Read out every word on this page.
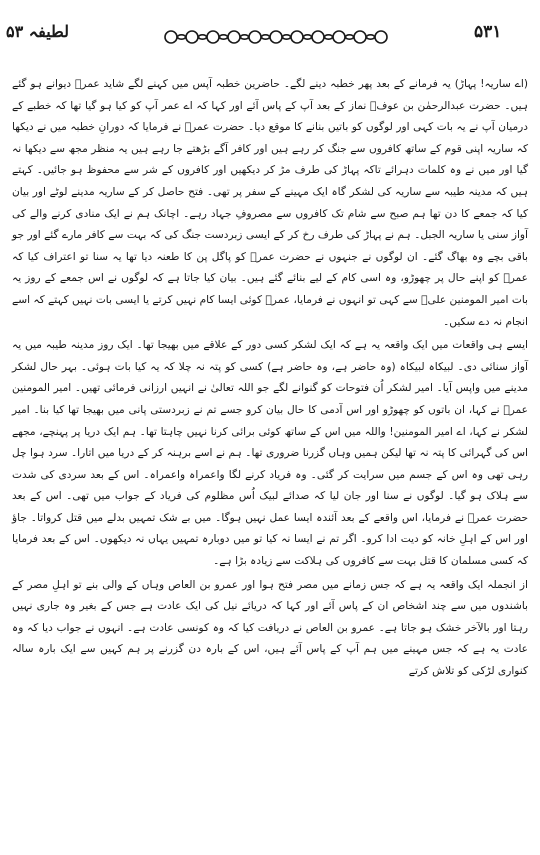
۵۳۱
لطیفہ ۵۳

(اے ساریہ! پہاڑ) یہ فرمانے کے بعد پھر خطبہ دینے لگے۔ حاضرین خطبہ آپس میں کہنے لگے شاید عمرؓ دیوانے ہو گئے ہیں۔ حضرت عبدالرحمٰن بن عوفؓ نماز کے بعد آپ کے پاس آئے اور کہا کہ اے عمر آپ کو کیا ہو گیا تھا کہ خطبے کے درمیان آپ نے یہ بات کہی اور لوگوں کو باتیں بنانے کا موقع دیا۔ حضرت عمرؓ نے فرمایا کہ دورانِ خطبہ میں نے دیکھا کہ ساریہ اپنی قوم کے ساتھ کافروں سے جنگ کر رہے ہیں اور کافر آگے بڑھتے جا رہے ہیں یہ منظر مجھ سے دیکھا نہ گیا اور میں نے وہ کلمات دہرائے تاکہ پہاڑ کی طرف مڑ کر دیکھیں اور کافروں کے شر سے محفوظ ہو جائیں۔ کہتے ہیں کہ مدینہ طیبہ سے ساریہ کی لشکر گاہ ایک مہینے کے سفر پر تھی۔ فتح حاصل کر کے ساریہ مدینے لوٹے اور بیان کیا کہ جمعے کا دن تھا ہم صبح سے شام تک کافروں سے مصروفِ جہاد رہے۔ اچانک ہم نے ایک منادی کرنے والے کی آواز سنی یا ساریہ الجبل۔ ہم نے پہاڑ کی طرف رخ کر کے ایسی زبردست جنگ کی کہ بہت سے کافر مارے گئے اور جو باقی بچے وہ بھاگ گئے۔ ان لوگوں نے جنہوں نے حضرت عمرؓ کو پاگل پن کا طعنہ دیا تھا یہ سنا تو اعتراف کیا کہ عمرؓ کو اپنے حال پر چھوڑو، وہ اسی کام کے لیے بنائے گئے ہیں۔ بیان کیا جاتا ہے کہ لوگوں نے اس جمعے کے روز یہ بات امیر المومنین علیؓ سے کہی تو انہوں نے فرمایا، عمرؓ کوئی ایسا کام نہیں کرتے یا ایسی بات نہیں کہتے کہ اسے انجام نہ دے سکیں۔

ایسے ہی واقعات میں ایک واقعہ یہ ہے کہ ایک لشکر کسی دور کے علاقے میں بھیجا تھا۔ ایک روز مدینہ طیبہ میں یہ آواز سنائی دی۔ لبیکاہ لبیکاہ (وہ حاضر ہے، وہ حاضر ہے) کسی کو پتہ نہ چلا کہ یہ کیا بات ہوئی۔ بہر حال لشکر مدینے میں واپس آیا۔ امیر لشکر اُن فتوحات کو گنوانے لگے جو اللہ تعالیٰ نے انہیں ارزانی فرمائی تھیں۔ امیر المومنین عمرؓ نے کہا، ان باتوں کو چھوڑو اور اس آدمی کا حال بیان کرو جسے تم نے زبردستی پانی میں بھیجا تھا کیا بنا۔ امیر لشکر نے کہا، اے امیر المومنین! واللہ میں اس کے ساتھ کوئی برائی کرنا نہیں چاہتا تھا۔ ہم ایک دریا پر پہنچے، مجھے اس کی گہرائی کا پتہ نہ تھا لیکن ہمیں وہاں گزرنا ضروری تھا۔ ہم نے اسے برہنہ کر کے دریا میں اتارا۔ سرد ہوا چل رہی تھی وہ اس کے جسم میں سرایت کر گئی۔ وہ فریاد کرنے لگا واعمراہ واعمراہ۔ اس کے بعد سردی کی شدت سے ہلاک ہو گیا۔ لوگوں نے سنا اور جان لیا کہ صدائے لبیک اُس مظلوم کی فریاد کے جواب میں تھی۔ اس کے بعد حضرت عمرؓ نے فرمایا، اس واقعے کے بعد آئندہ ایسا عمل نہیں ہوگا۔ میں بے شک تمہیں بدلے میں قتل کرواتا۔ جاؤ اور اس کے اہلِ خانہ کو دیت ادا کرو۔ اگر تم نے ایسا نہ کیا تو میں دوبارہ تمہیں یہاں نہ دیکھوں۔ اس کے بعد فرمایا کہ کسی مسلمان کا قتل بہت سے کافروں کی ہلاکت سے زیادہ بڑا ہے۔

از انجملہ ایک واقعہ یہ ہے کہ جس زمانے میں مصر فتح ہوا اور عمرو بن العاص وہاں کے والی بنے تو اہلِ مصر کے باشندوں میں سے چند اشخاص ان کے پاس آئے اور کہا کہ دریائے نیل کی ایک عادت ہے جس کے بغیر وہ جاری نہیں رہتا اور بالآخر خشک ہو جاتا ہے۔ عمرو بن العاص نے دریافت کیا کہ وہ کونسی عادت ہے۔ انہوں نے جواب دیا کہ وہ عادت یہ ہے کہ جس مہینے میں ہم آپ کے پاس آئے ہیں، اس کے بارہ دن گزرنے پر ہم کہیں سے ایک بارہ سالہ کنواری لڑکی کو تلاش کرتے
